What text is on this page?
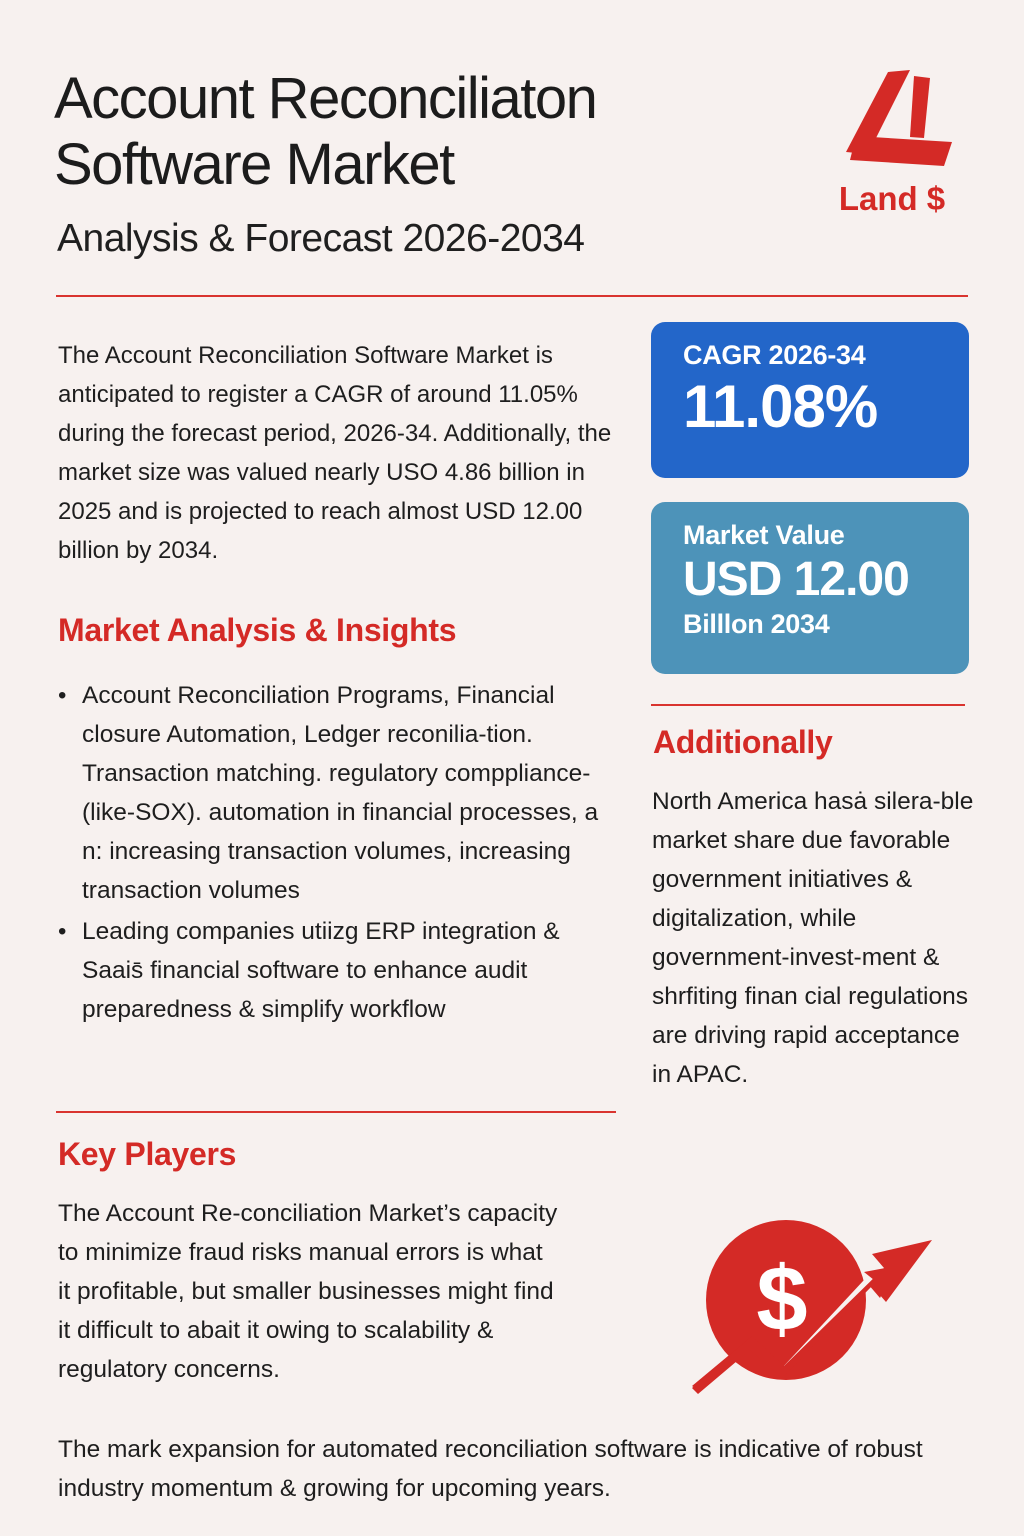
Account Reconciliaton Software Market
Analysis & Forecast 2026-2034
Land $
The Account Reconciliation Software Market is anticipated to register a CAGR of around 11.05% during the forecast period, 2026-34. Additionally, the market size was valued nearly USO 4.86 billion in 2025 and is projected to reach almost USD 12.00 billion by 2034.
CAGR 2026-34
11.08%
Market Value
USD 12.00
Billlon 2034
Market Analysis & Insights
• Account Reconciliation Programs, Financial closure Automation, Ledger reconilia-tion. Transaction matching. regulatory comppliance-(like-SOX). automation in financial processes, a n: increasing transaction volumes, increasing transaction volumes
• Leading companies utiizg ERP integration & Saais̄ financial software to enhance audit preparedness & simplify workflow
Additionally
North America hasȧ silera-ble market share due favorable government initiatives & digitalization, while government-invest-ment & shrfiting finan cial regulations are driving rapid acceptance in APAC.
Key Players
The Account Re-conciliation Market’s capacity to minimize fraud risks manual errors is what it profitable, but smaller businesses might find it difficult to abait it owing to scalability & regulatory concerns.
$
The mark expansion for automated reconciliation software is indicative of robust industry momentum & growing for upcoming years.
